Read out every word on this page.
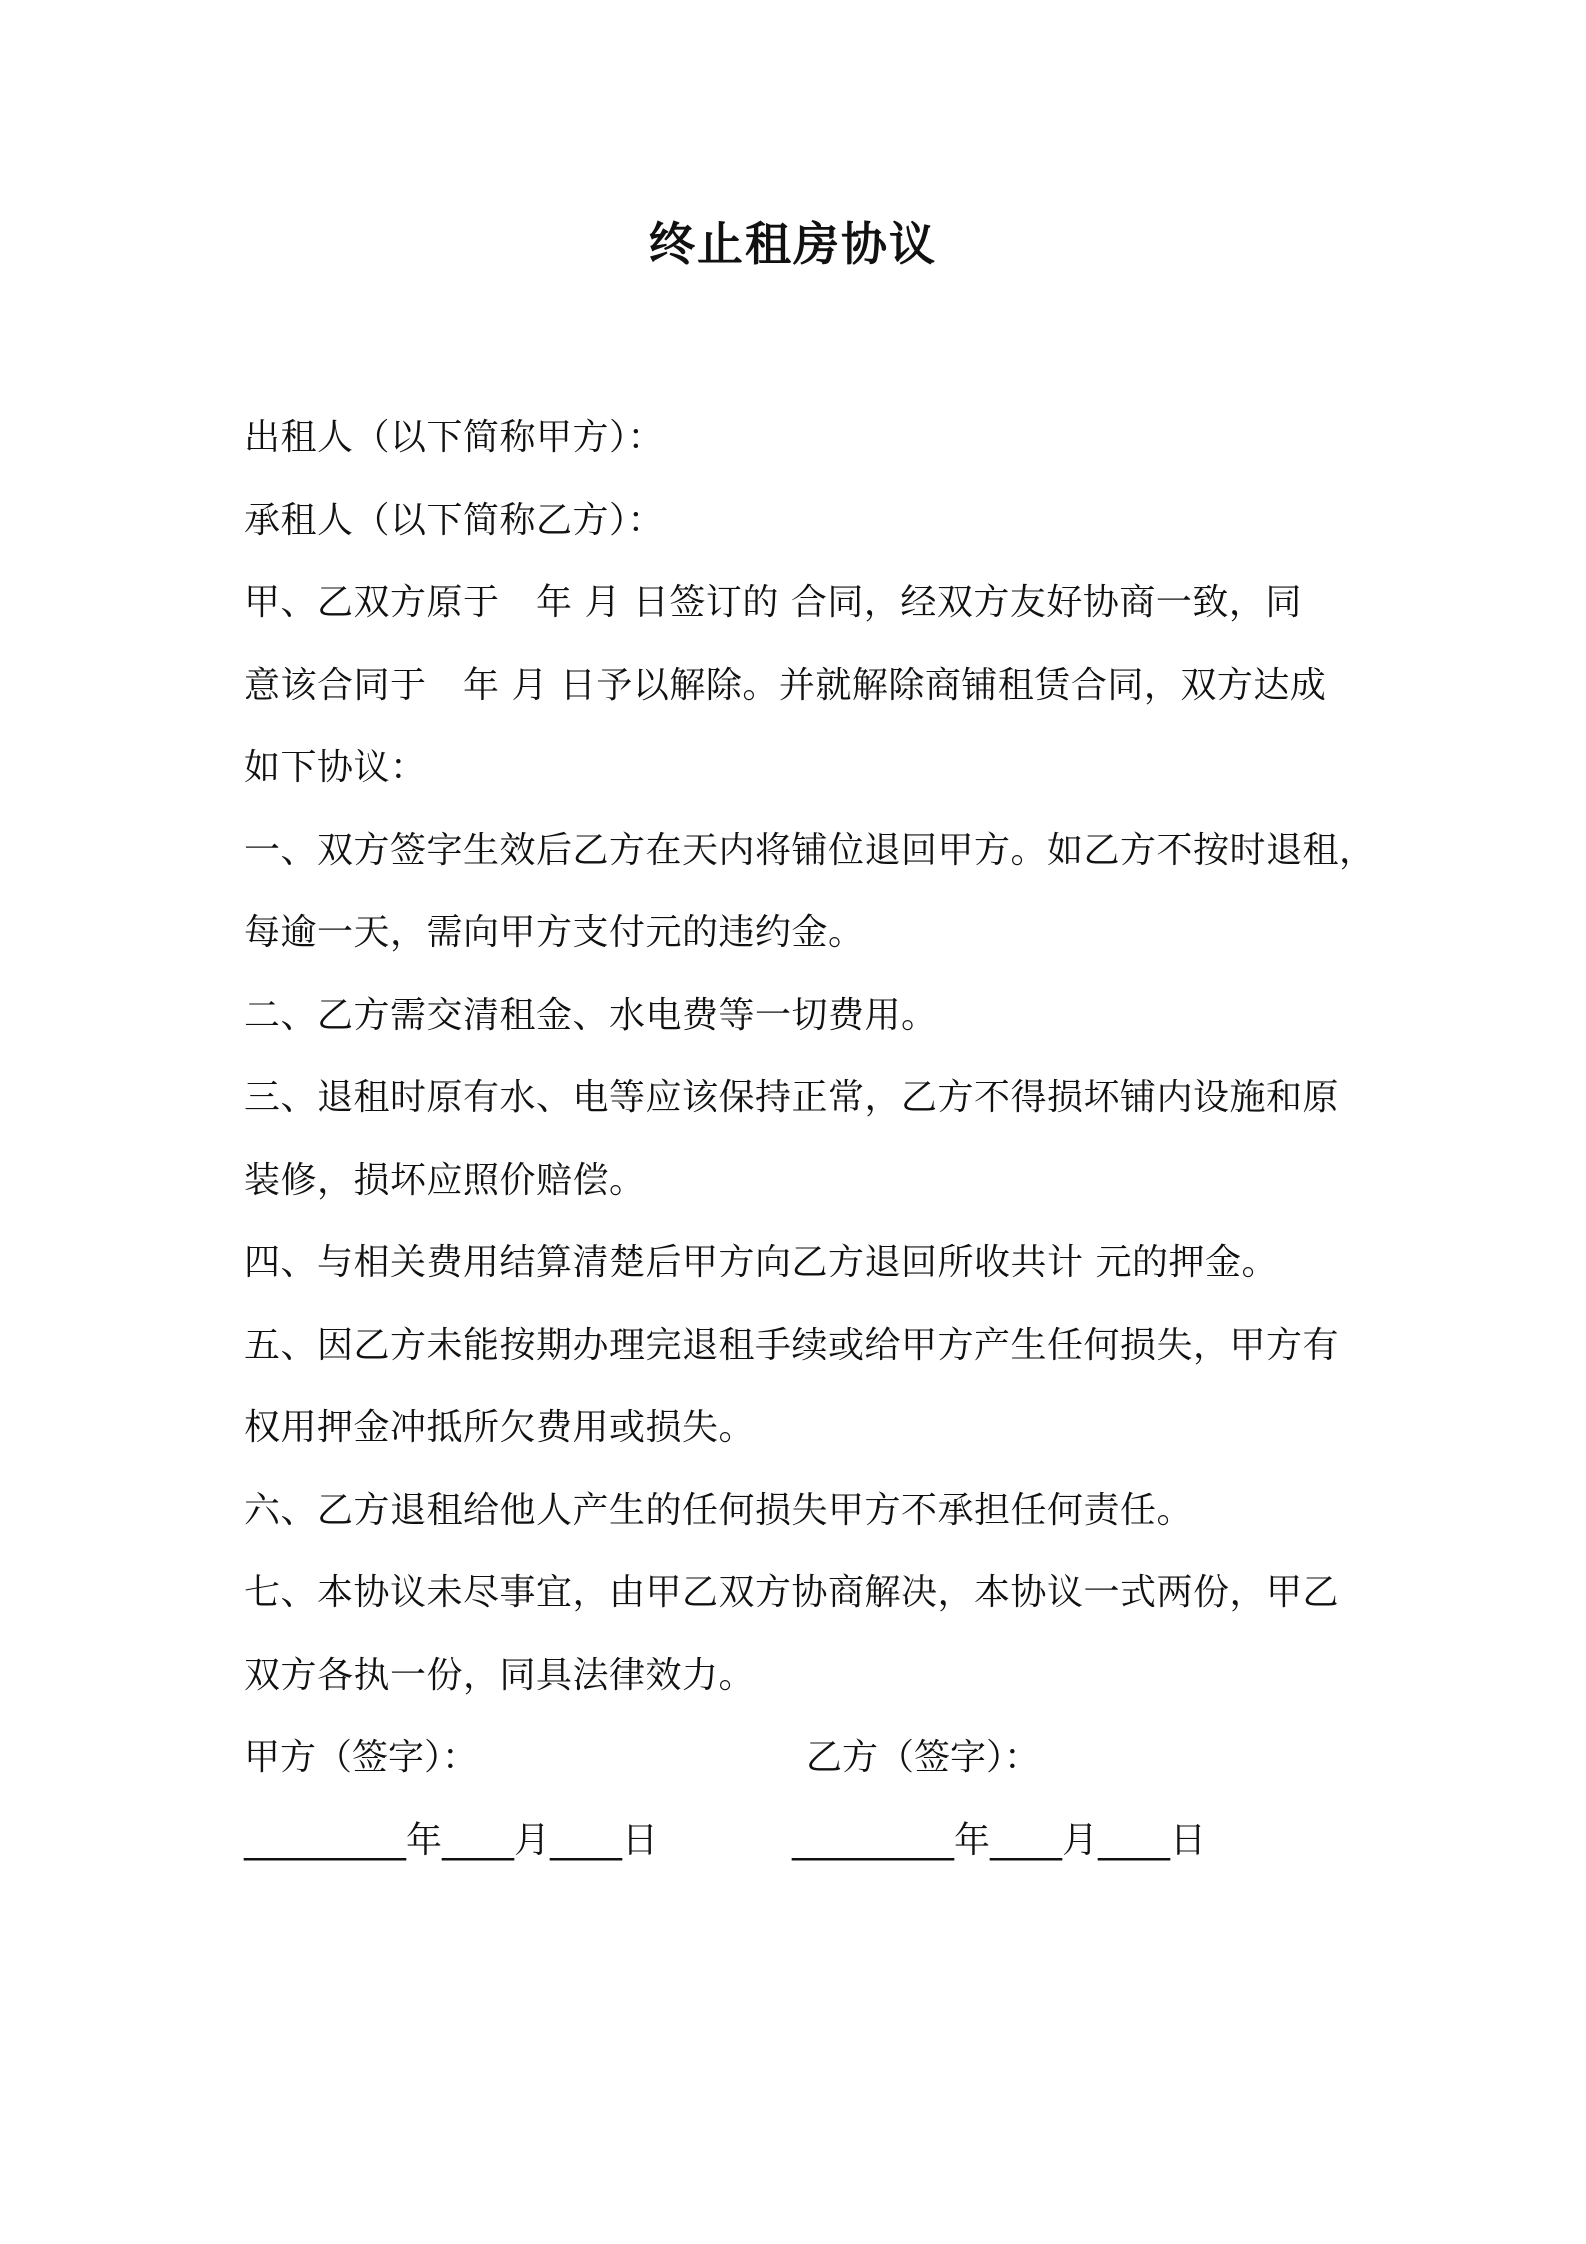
终止租房协议
出租人（以下简称甲方）：
承租人（以下简称乙方）：
甲、乙双方原于　年 月 日签订的 合同，经双方友好协商一致，同
意该合同于　年 月 日予以解除。并就解除商铺租赁合同，双方达成
如下协议：
一、双方签字生效后乙方在天内将铺位退回甲方。如乙方不按时退租，
每逾一天，需向甲方支付元的违约金。
二、乙方需交清租金、水电费等一切费用。
三、退租时原有水、电等应该保持正常，乙方不得损坏铺内设施和原
装修，损坏应照价赔偿。
四、与相关费用结算清楚后甲方向乙方退回所收共计 元的押金。
五、因乙方未能按期办理完退租手续或给甲方产生任何损失，甲方有
权用押金冲抵所欠费用或损失。
六、乙方退租给他人产生的任何损失甲方不承担任何责任。
七、本协议未尽事宜，由甲乙双方协商解决，本协议一式两份，甲乙
双方各执一份，同具法律效力。
甲方（签字）：	乙方（签字）：
_________年____月____日	_________年____月____日
